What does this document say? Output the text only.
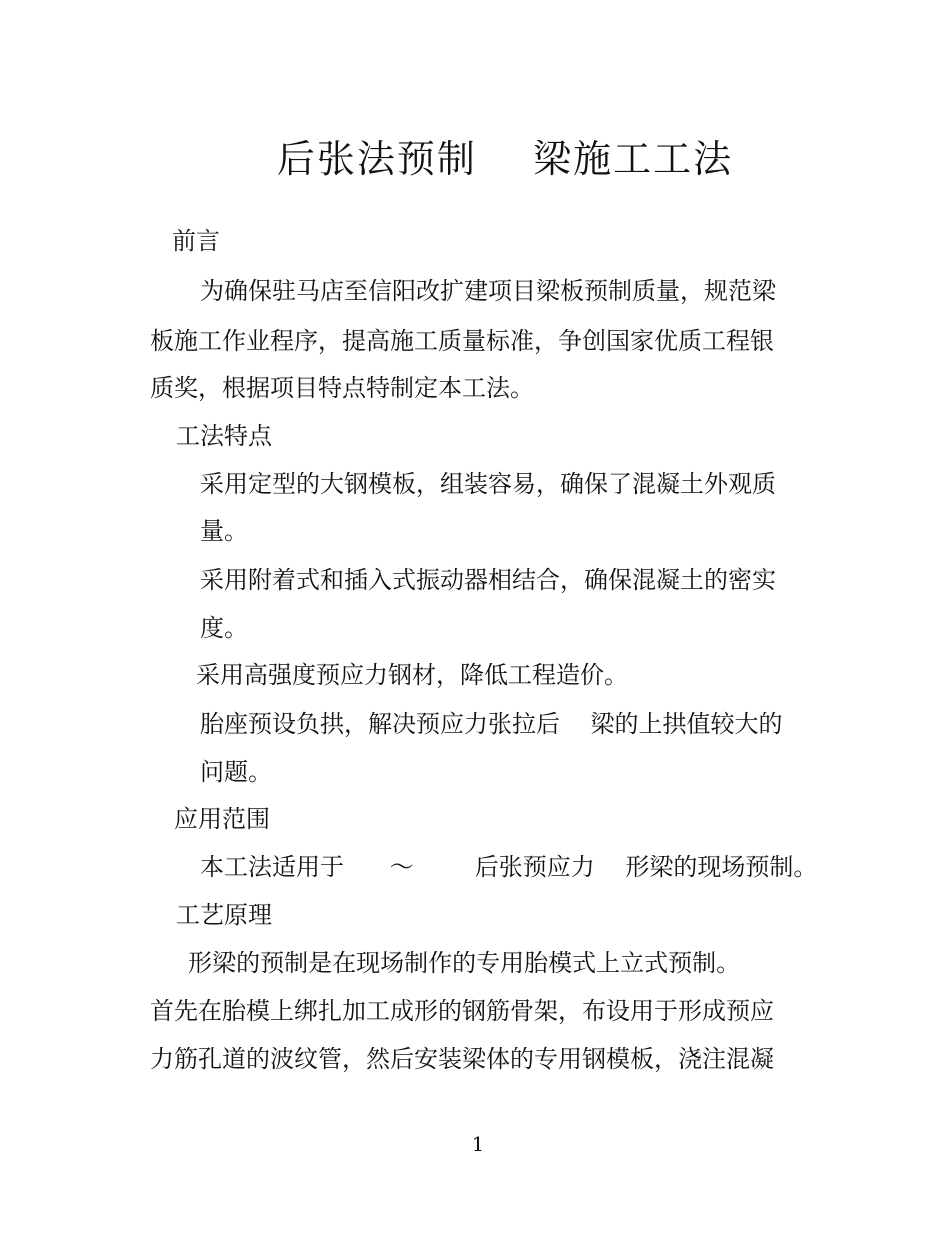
后张法预制    梁施工工法
前言
为确保驻马店至信阳改扩建项目梁板预制质量，规范梁
板施工作业程序，提高施工质量标准，争创国家优质工程银
质奖，根据项目特点特制定本工法。
工法特点
采用定型的大钢模板，组装容易，确保了混凝土外观质
量。
采用附着式和插入式振动器相结合，确保混凝土的密实
度。
采用高强度预应力钢材，降低工程造价。
胎座预设负拱，解决预应力张拉后    梁的上拱值较大的
问题。
应用范围
本工法适用于      ～        后张预应力    形梁的现场预制。
工艺原理
形梁的预制是在现场制作的专用胎模式上立式预制。
首先在胎模上绑扎加工成形的钢筋骨架，布设用于形成预应
力筋孔道的波纹管，然后安装梁体的专用钢模板，浇注混凝
1
